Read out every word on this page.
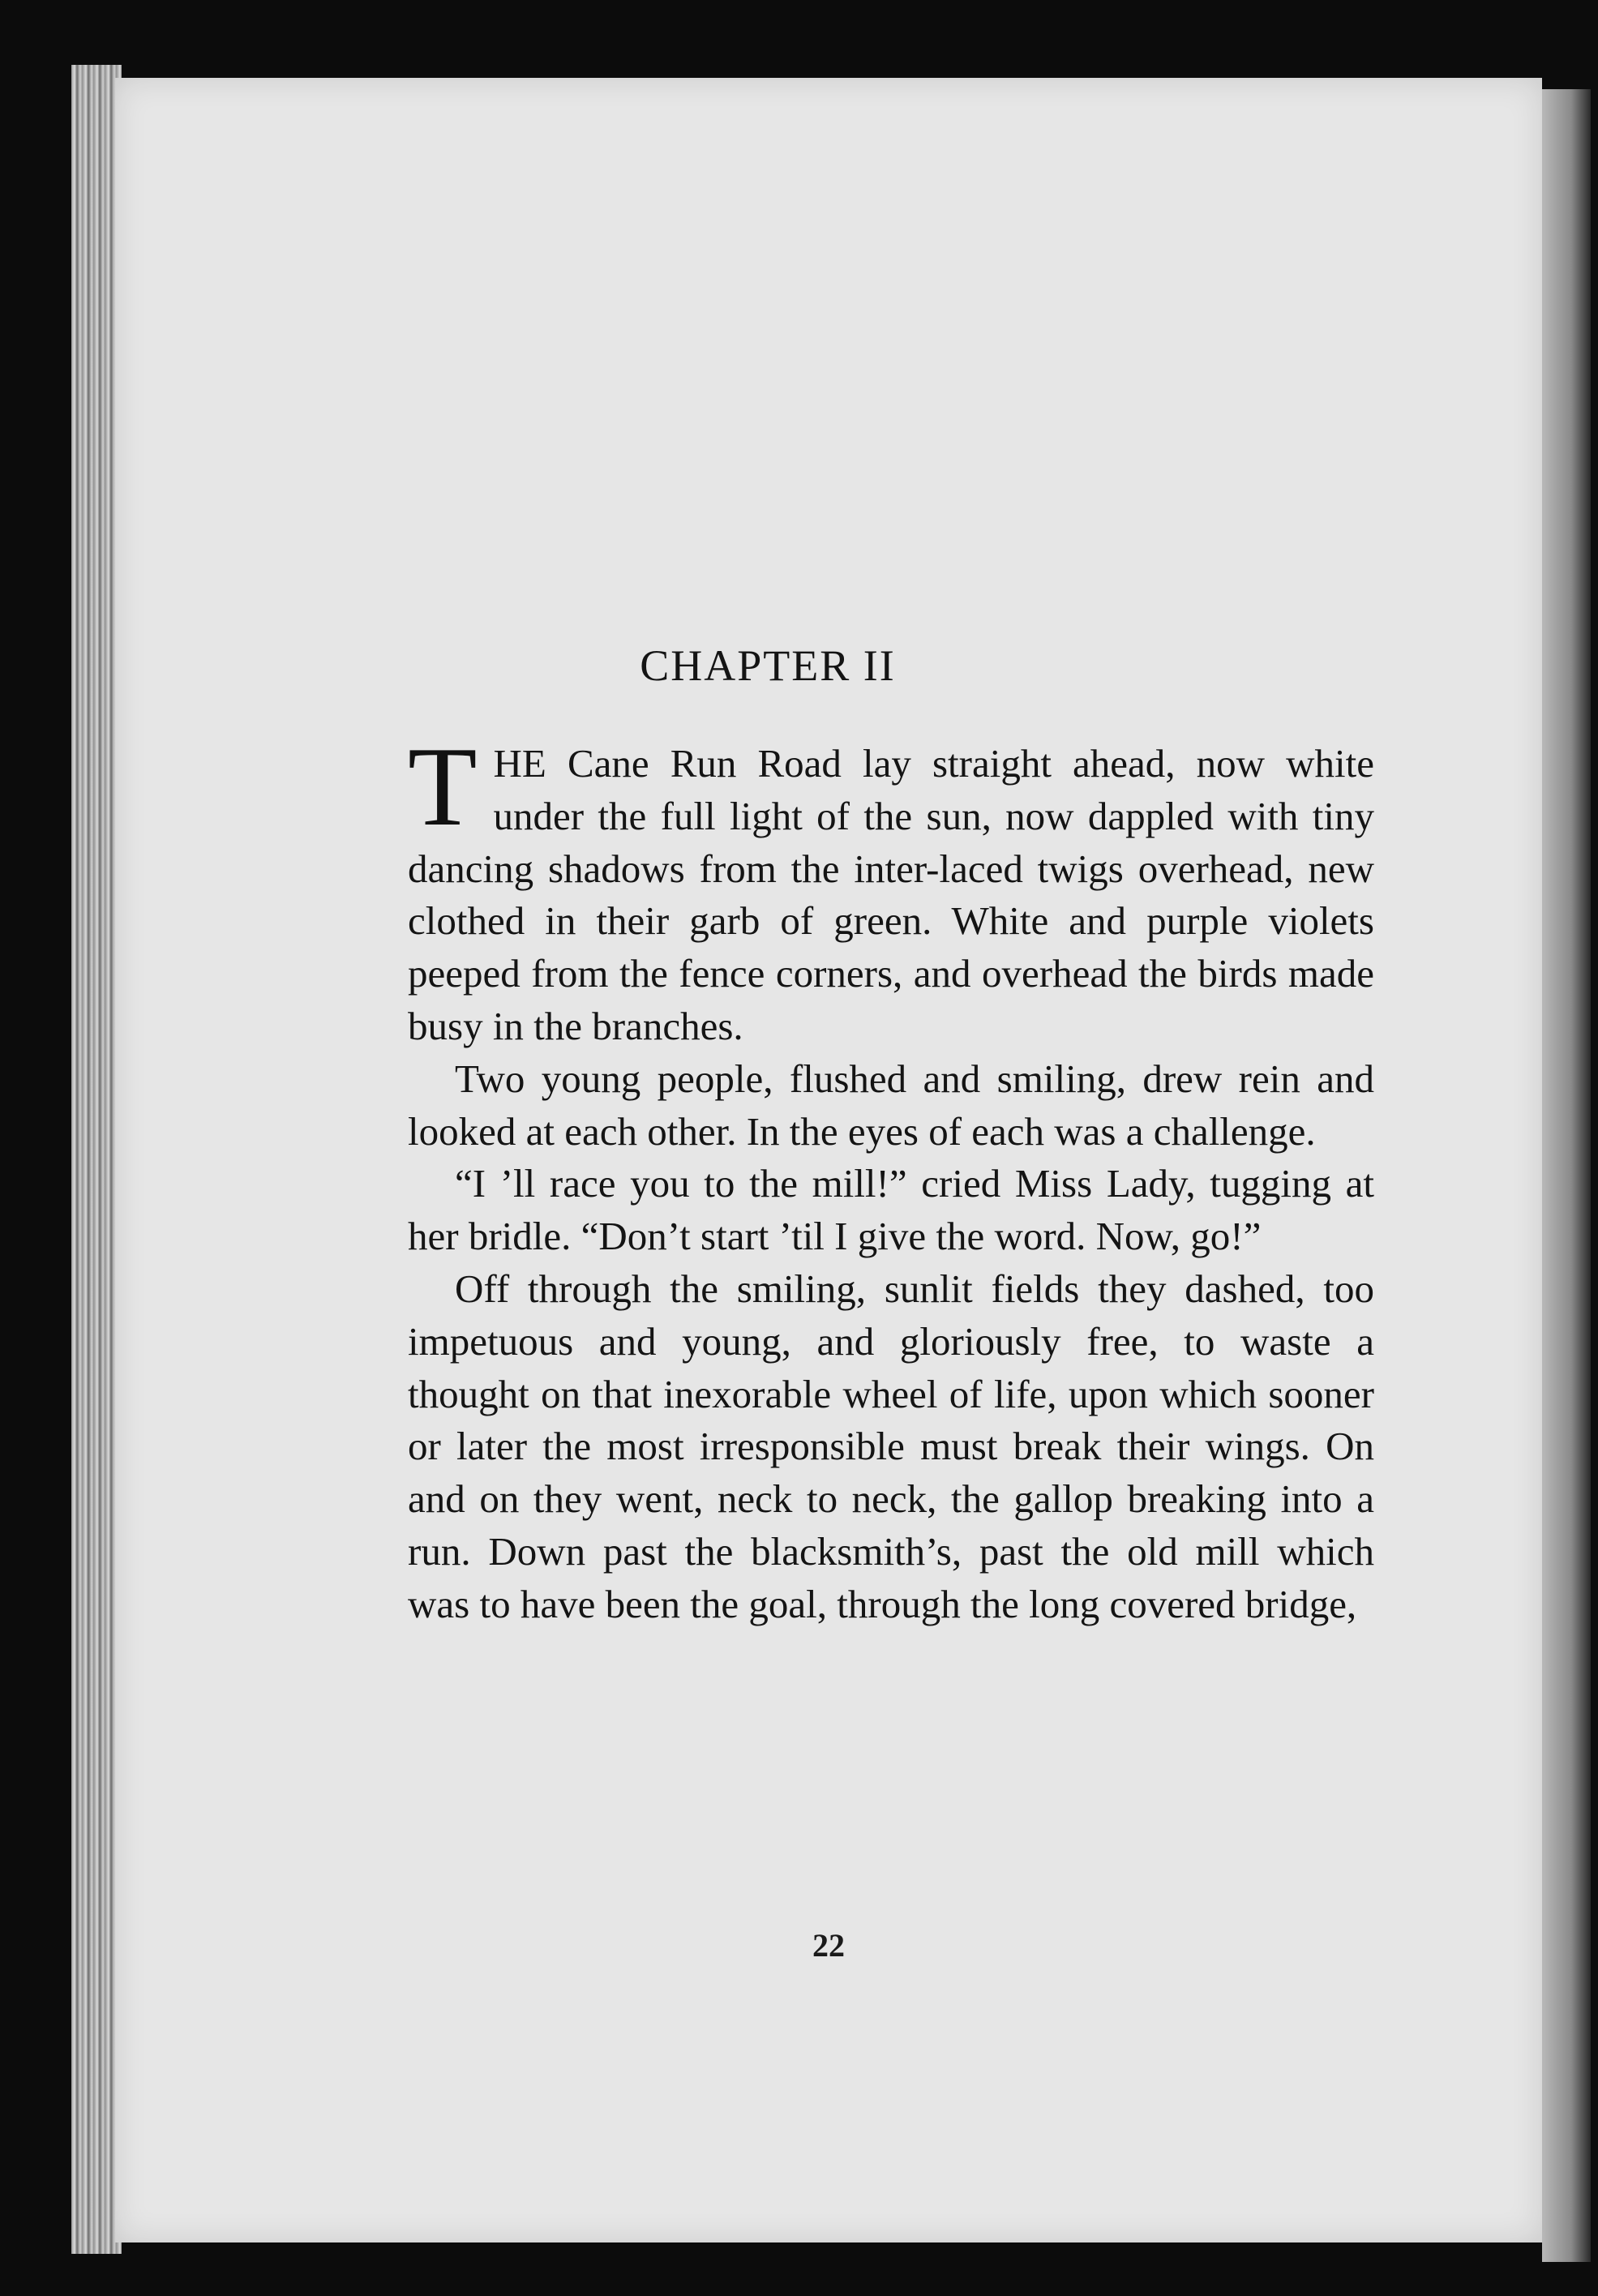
22
CHAPTER II

THE Cane Run Road lay straight ahead, now white under the full light of the sun, now dappled with tiny dancing shadows from the inter-laced twigs overhead, new clothed in their garb of green. White and purple violets peeped from the fence corners, and overhead the birds made busy in the branches.

Two young people, flushed and smiling, drew rein and looked at each other. In the eyes of each was a challenge.

“I ’ll race you to the mill!” cried Miss Lady, tugging at her bridle. “Don’t start ’til I give the word. Now, go!”

Off through the smiling, sunlit fields they dashed, too impetuous and young, and gloriously free, to waste a thought on that inexorable wheel of life, upon which sooner or later the most irresponsible must break their wings. On and on they went, neck to neck, the gallop breaking into a run. Down past the blacksmith’s, past the old mill which was to have been the goal, through the long covered bridge,
